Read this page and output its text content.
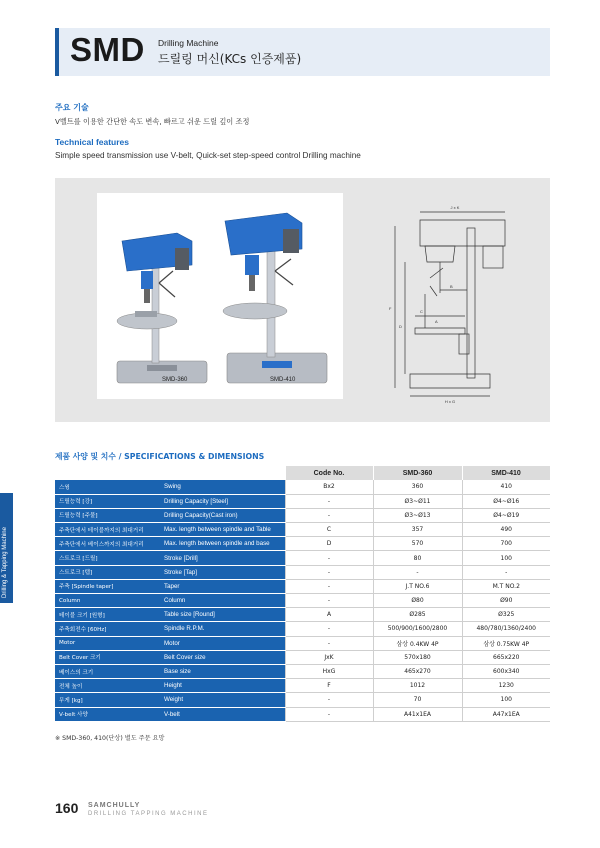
SMD Drilling Machine
드릴링 머신(KCs 인증제품)
주요 기술
V벨트를 이용한 간단한 속도 변속, 빠르고 쉬운 드릴 깊이 조정
Technical features
Simple speed transmission use V-belt, Quick-set step-speed control Drilling machine
SMD-360	SMD-410
J x K
F
D
C
A
B
H x G
제품 사양 및 치수 / SPECIFICATIONS & DIMENSIONS
		Code No.	SMD-360	SMD-410
스윙	Swing	Bx2	360	410
드릴능력 [강]	Drilling Capacity [Steel]	-	Ø3~Ø11	Ø4~Ø16
드릴능력 [주물]	Drilling Capacity(Cast iron)	-	Ø3~Ø13	Ø4~Ø19
주축단에서 테이블까지의 최대거리	Max. length between spindle and Table	C	357	490
주축단에서 베이스까지의 최대거리	Max. length between spindle and base	D	570	700
스트로크 [드릴]	Stroke [Drill]	-	80	100
스트로크 [탭]	Stroke [Tap]	-	-	-
주축 [Spindle taper]	Taper	-	J.T NO.6	M.T NO.2
Column	Column	-	Ø80	Ø90
테이블 크기 [원형]	Table size [Round]	A	Ø285	Ø325
주축회전수 [60Hz]	Spindle R.P.M.	-	500/900/1600/2800	480/780/1360/2400
Motor	Motor	-	삼상 0.4KW 4P	삼상 0.75KW 4P
Belt Cover 크기	Belt Cover size	JxK	570x180	665x220
베이스의 크기	Base size	HxG	465x270	600x340
전체 높이	Height	F	1012	1230
무게 [kg]	Weight	-	70	100
V-belt 사양	V-belt	-	A41x1EA	A47x1EA
※ SMD-360, 410(단상) 별도 주문 요망
Drilling & Tapping Machine
160 SAMCHULLY
DRILLING TAPPING MACHINE
